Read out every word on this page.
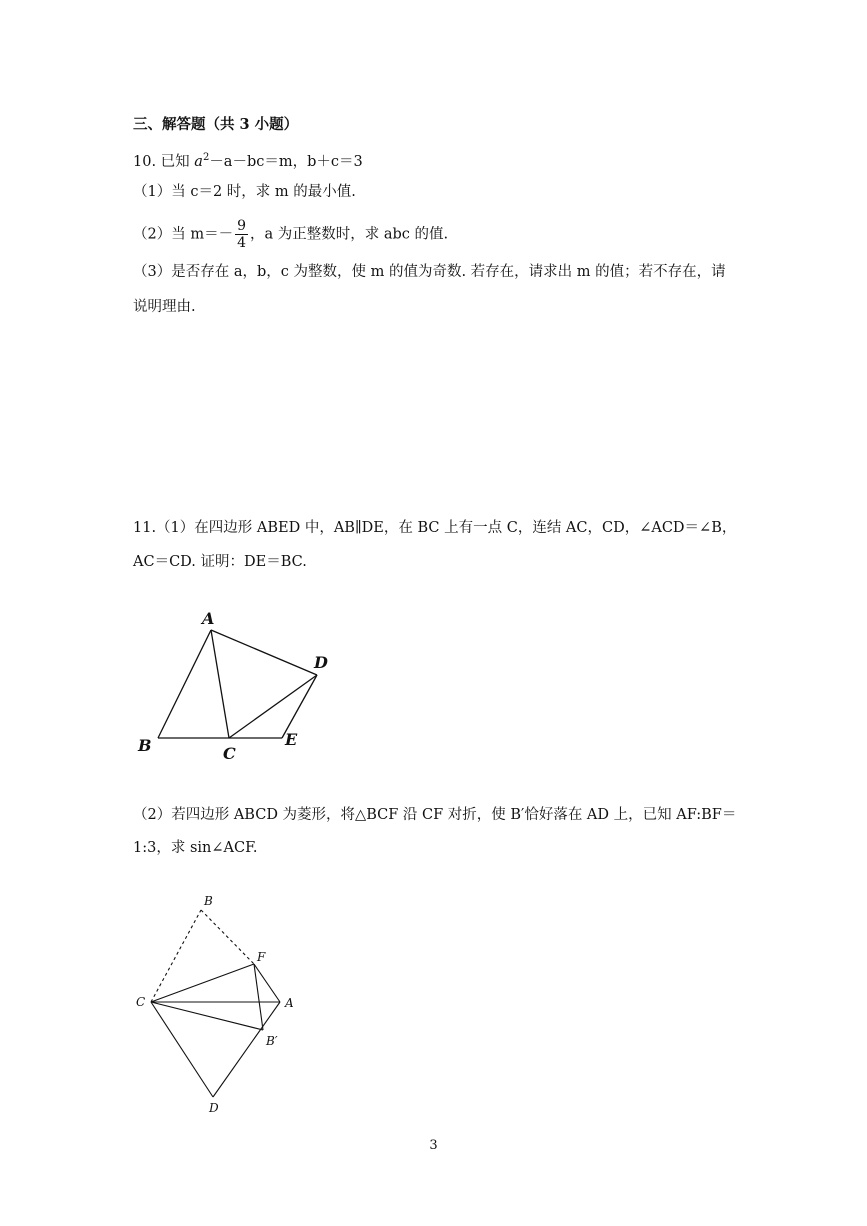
三、解答题（共 3 小题）
10. 已知 $a^2-a-bc=m$，b＋c＝3
（1）当 c＝2 时，求 m 的最小值.
（2）当 $m=- \frac{9}{4}$ ，a 为正整数时，求 abc 的值.
（3）是否存在 a，b，c 为整数，使 m 的值为奇数. 若存在，请求出 m 的值；若不存在，请
说明理由.
11.（1）在四边形 ABED 中，AB∥DE，在 BC 上有一点 C，连结 AC，CD，∠ACD＝∠B，
AC＝CD. 证明：DE＝BC.
A
B	C
D
E
（2）若四边形 ABCD 为菱形，将△BCF 沿 CF 对折，使 B′恰好落在 AD 上，已知 AF:BF＝
1:3，求 sin∠ACF.
B
F
C	A
B′
D
3
